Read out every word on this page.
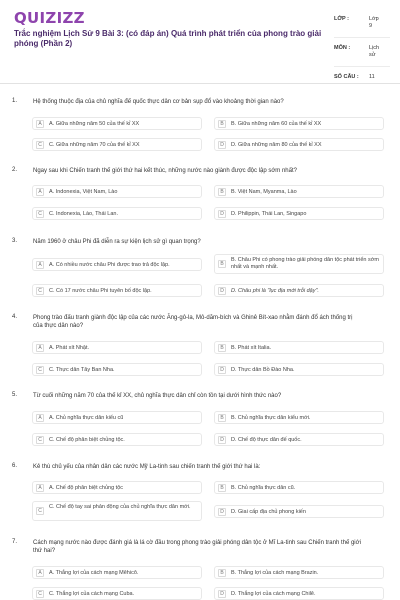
QUIZIZZ
Trắc nghiệm Lịch Sử 9 Bài 3: (có đáp án) Quá trình phát triển của phong trào giải phóng (Phần 2)
LỚP :	Lớp 9
MÔN :	Lịch sử
SỐ CÂU : 11
1.	Hệ thống thuộc địa của chủ nghĩa đế quốc thực dân cơ bản sụp đổ vào khoảng thời gian nào?
A	A. Giữa những năm 50 của thế kỉ XX	B	B. Giữa những năm 60 của thế kỉ XX
C	C. Giữa những năm 70 của thế kỉ XX	D	D. Giữa những năm 80 của thế kỉ XX
2.	Ngay sau khi Chiến tranh thế giới thứ hai kết thúc, những nước nào giành được độc lập sớm nhất?
A	A. Indonexia, Việt Nam, Lào	B	B. Việt Nam, Myanma, Lào
C	C. Indonexia, Lào, Thái Lan.	D	D. Philippin, Thái Lan, Singapo
3.	Năm 1960 ở châu Phi đã diễn ra sự kiện lịch sử gì quan trọng?
A	A. Có nhiều nước châu Phi được trao trả độc lập.	B
B. Châu Phi có phong trào giải phóng dân tộc phát triển sớm nhất và mạnh nhất.
C	C. Có 17 nước châu Phi tuyên bố độc lập.	D	D. Châu phi là "lục địa mới trỗi dậy".
4.	Phong trào đấu tranh giành độc lập của các nước Ăng-gô-la, Mô-dăm-bích và Ghinê Bít-xao nhằm đánh đổ ách thống trị của thực dân nào?
A	A. Phát xít Nhật.	B	B. Phát xít Italia.
C	C. Thực dân Tây Ban Nha.	D	D. Thực dân Bồ Đào Nha.
5.	Từ cuối những năm 70 của thế kỉ XX, chủ nghĩa thực dân chỉ còn tồn tại dưới hình thức nào?
A	A. Chủ nghĩa thực dân kiểu cũ	B	B. Chủ nghĩa thực dân kiểu mới.
C	C. Chế độ phân biệt chủng tộc.	D	D. Chế độ thực dân đế quốc.
6.	Kẻ thù chủ yếu của nhân dân các nước Mỹ La-tinh sau chiến tranh thế giới thứ hai là:
A	A. Chế độ phân biệt chủng tộc	B	B. Chủ nghĩa thực dân cũ.
C
C. Chế độ tay sai phản động của chủ nghĩa thực dân mới.
D	D. Giai cấp địa chủ phong kiến
7.	Cách mạng nước nào được đánh giá là lá cờ đầu trong phong trào giải phóng dân tộc ở Mĩ La-tinh sau Chiến tranh thế giới thứ hai?
A	A. Thắng lợi của cách mạng Mêhicô.	B	B. Thắng lợi của cách mạng Brazin.
C	C. Thắng lợi của cách mạng Cuba.	D	D. Thắng lợi của cách mạng Chilê.
